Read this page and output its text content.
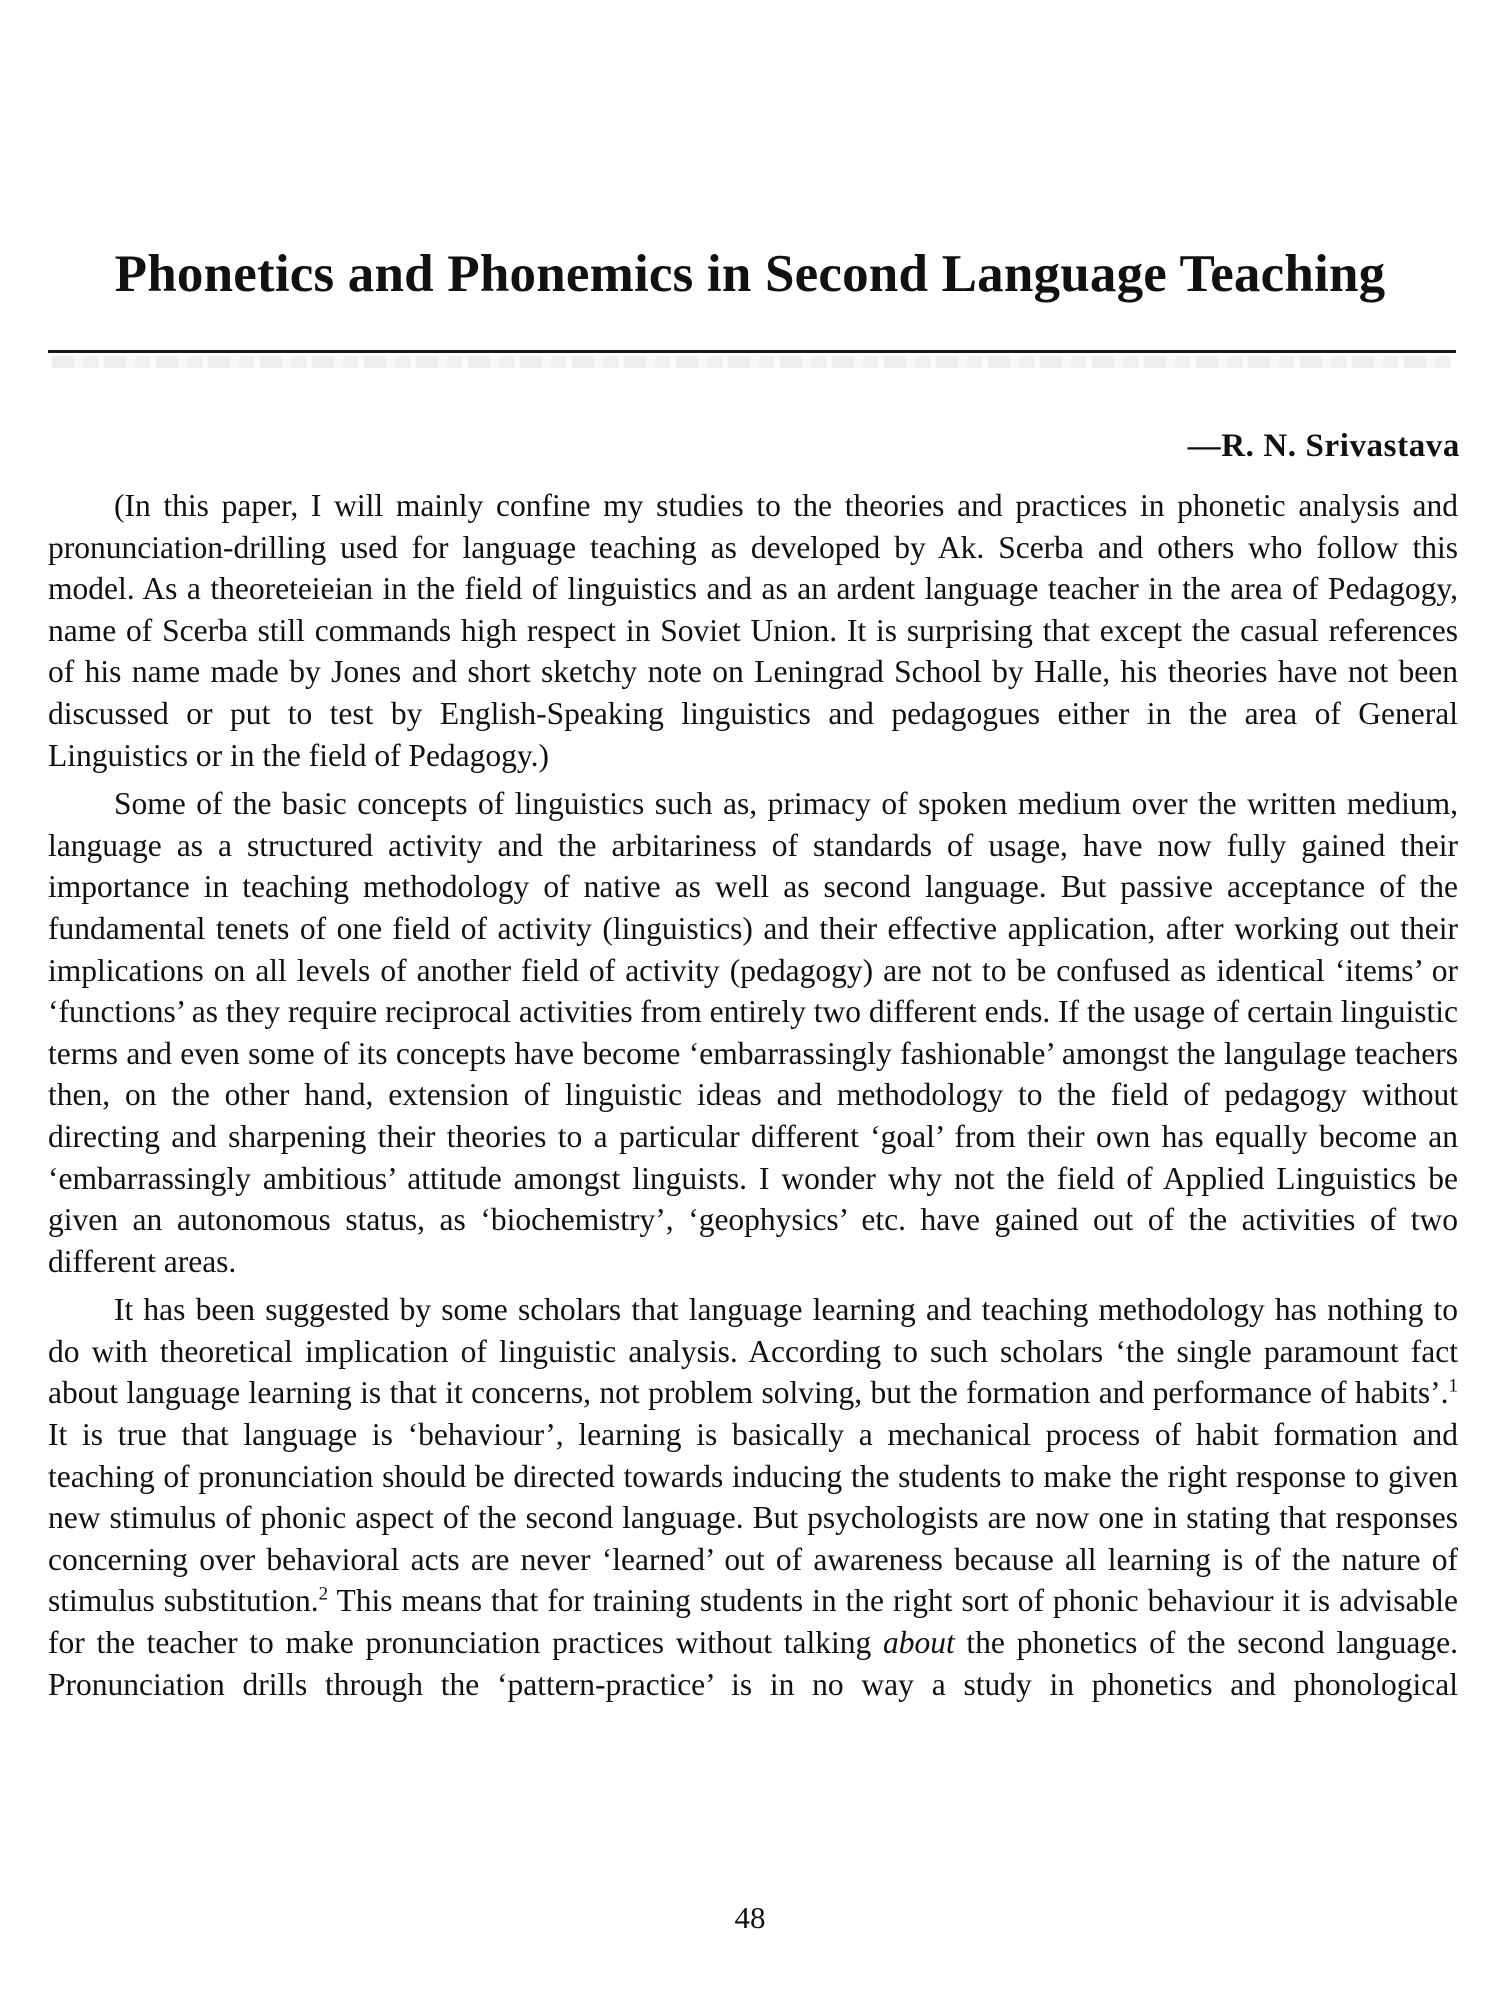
Phonetics and Phonemics in Second Language Teaching

—R. N. Srivastava

(In this paper, I will mainly confine my studies to the theories and practices in phonetic analysis and pronunciation-drilling used for language teaching as developed by Ak. Scerba and others who follow this model. As a theoreteieian in the field of linguistics and as an ardent language teacher in the area of Pedagogy, name of Scerba still commands high respect in Soviet Union. It is surprising that except the casual references of his name made by Jones and short sketchy note on Leningrad School by Halle, his theories have not been discussed or put to test by English-Speaking linguistics and pedagogues either in the area of General Linguistics or in the field of Pedagogy.)

Some of the basic concepts of linguistics such as, primacy of spoken medium over the written medium, language as a structured activity and the arbitariness of standards of usage, have now fully gained their importance in teaching methodology of native as well as second language. But passive acceptance of the fundamental tenets of one field of activity (linguistics) and their effective application, after working out their implications on all levels of another field of activity (pedagogy) are not to be confused as identical ‘items’ or ‘functions’ as they require reciprocal activities from entirely two different ends. If the usage of certain linguistic terms and even some of its concepts have become ‘embarrassingly fashionable’ amongst the langulage teachers then, on the other hand, extension of linguistic ideas and methodology to the field of pedagogy without directing and sharpening their theories to a particular different ‘goal’ from their own has equally become an ‘embarrassingly ambitious’ attitude amongst linguists. I wonder why not the field of Applied Linguistics be given an autonomous status, as ‘biochemistry’, ‘geophysics’ etc. have gained out of the activities of two different areas.

It has been suggested by some scholars that language learning and teaching methodology has nothing to do with theoretical implication of linguistic analysis. According to such scholars ‘the single paramount fact about language learning is that it concerns, not problem solving, but the formation and performance of habits’.$^1$ It is true that language is ‘behaviour’, learning is basically a mechanical process of habit formation and teaching of pronunciation should be directed towards inducing the students to make the right response to given new stimulus of phonic aspect of the second language. But psychologists are now one in stating that responses concerning over behavioral acts are never ‘learned’ out of awareness because all learning is of the nature of stimulus substitution.$^2$ This means that for training students in the right sort of phonic behaviour it is advisable for the teacher to make pronunciation practices without talking about the phonetics of the second language. Pronunciation drills through the ‘pattern-practice’ is in no way a study in phonetics and phonological

48
